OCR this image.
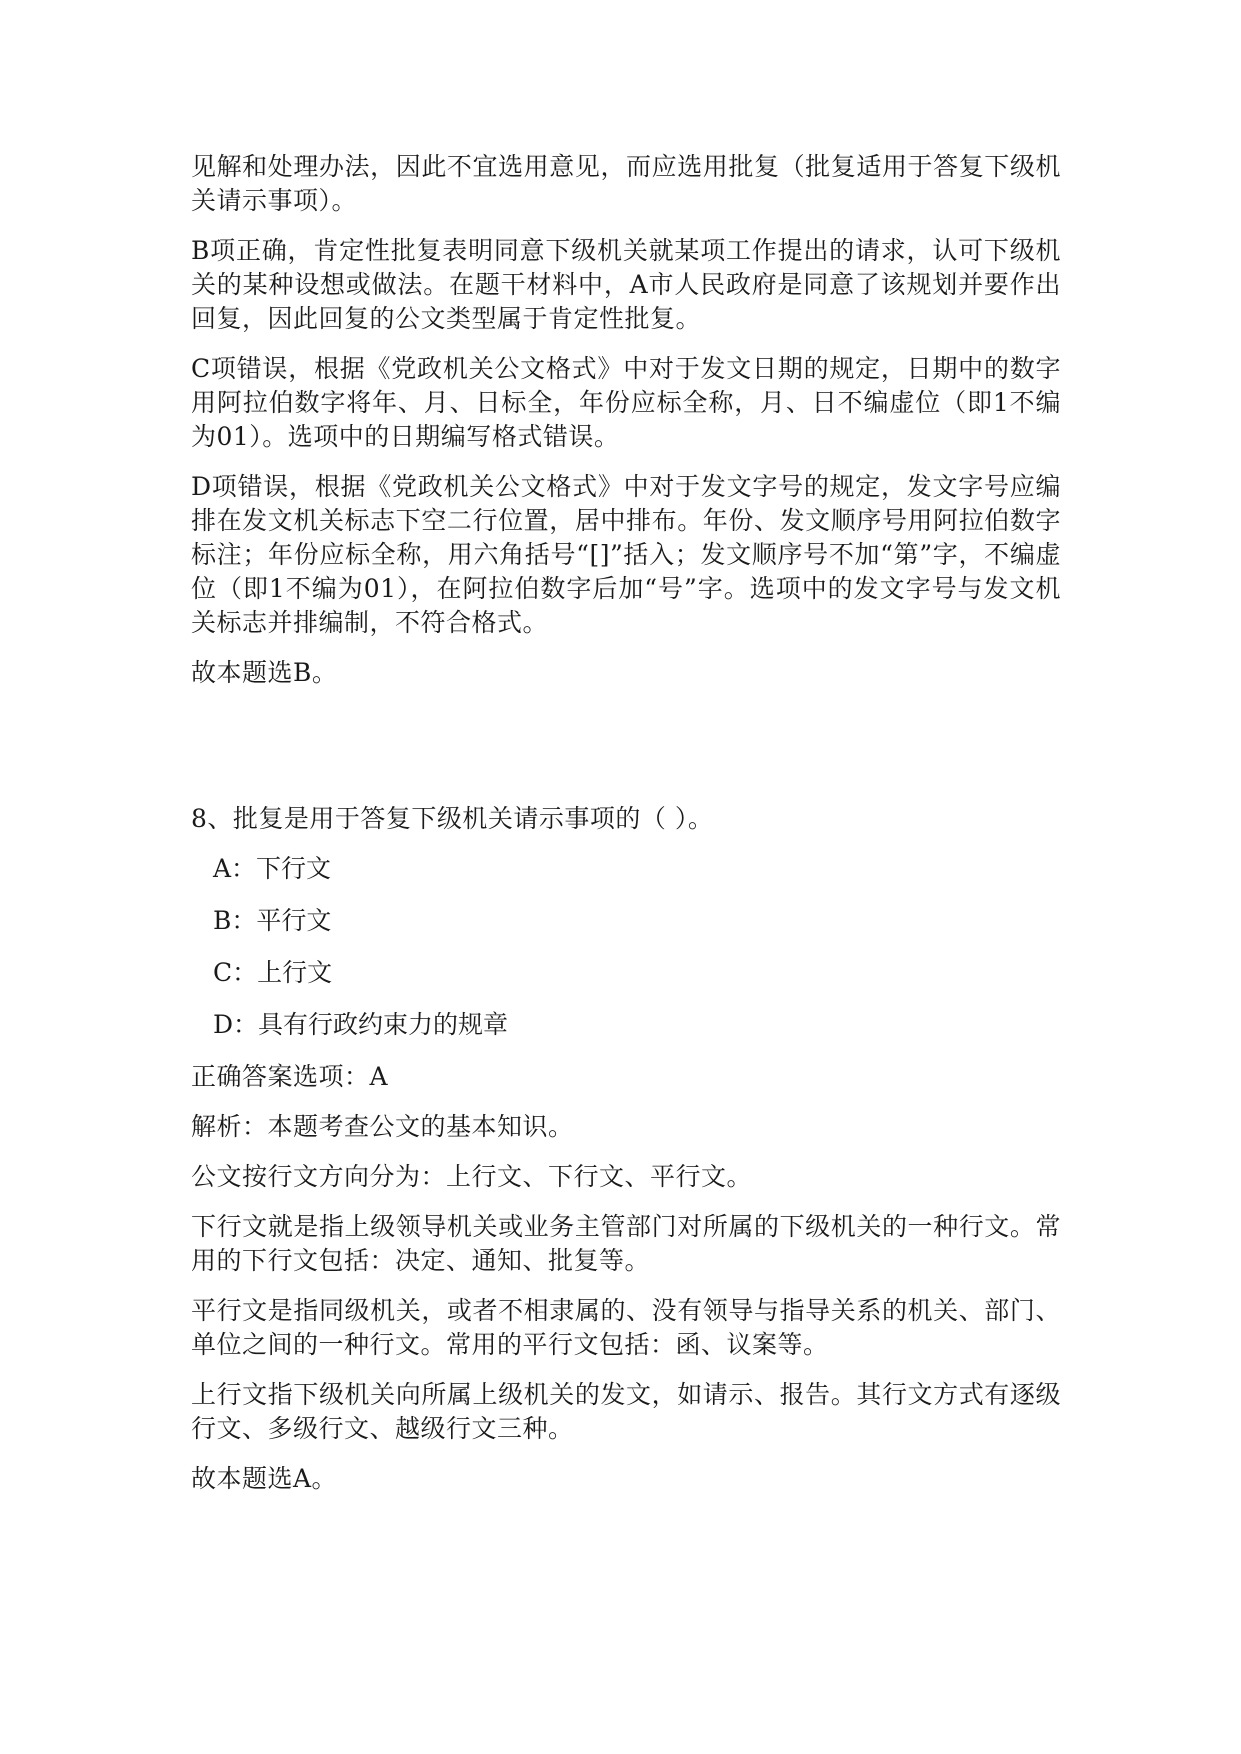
见解和处理办法，因此不宜选用意见，而应选用批复（批复适用于答复下级机关请示事项）。

B项正确，肯定性批复表明同意下级机关就某项工作提出的请求，认可下级机关的某种设想或做法。在题干材料中，A市人民政府是同意了该规划并要作出回复，因此回复的公文类型属于肯定性批复。

C项错误，根据《党政机关公文格式》中对于发文日期的规定，日期中的数字用阿拉伯数字将年、月、日标全，年份应标全称，月、日不编虚位（即1不编为01）。选项中的日期编写格式错误。

D项错误，根据《党政机关公文格式》中对于发文字号的规定，发文字号应编排在发文机关标志下空二行位置，居中排布。年份、发文顺序号用阿拉伯数字标注；年份应标全称，用六角括号“[]”括入；发文顺序号不加“第”字，不编虚位（即1不编为01），在阿拉伯数字后加“号”字。选项中的发文字号与发文机关标志并排编制，不符合格式。

故本题选B。

8、批复是用于答复下级机关请示事项的（ ）。

A：下行文

B：平行文

C：上行文

D：具有行政约束力的规章

正确答案选项：A

解析：本题考查公文的基本知识。

公文按行文方向分为：上行文、下行文、平行文。

下行文就是指上级领导机关或业务主管部门对所属的下级机关的一种行文。常用的下行文包括：决定、通知、批复等。

平行文是指同级机关，或者不相隶属的、没有领导与指导关系的机关、部门、单位之间的一种行文。常用的平行文包括：函、议案等。

上行文指下级机关向所属上级机关的发文，如请示、报告。其行文方式有逐级行文、多级行文、越级行文三种。

故本题选A。
